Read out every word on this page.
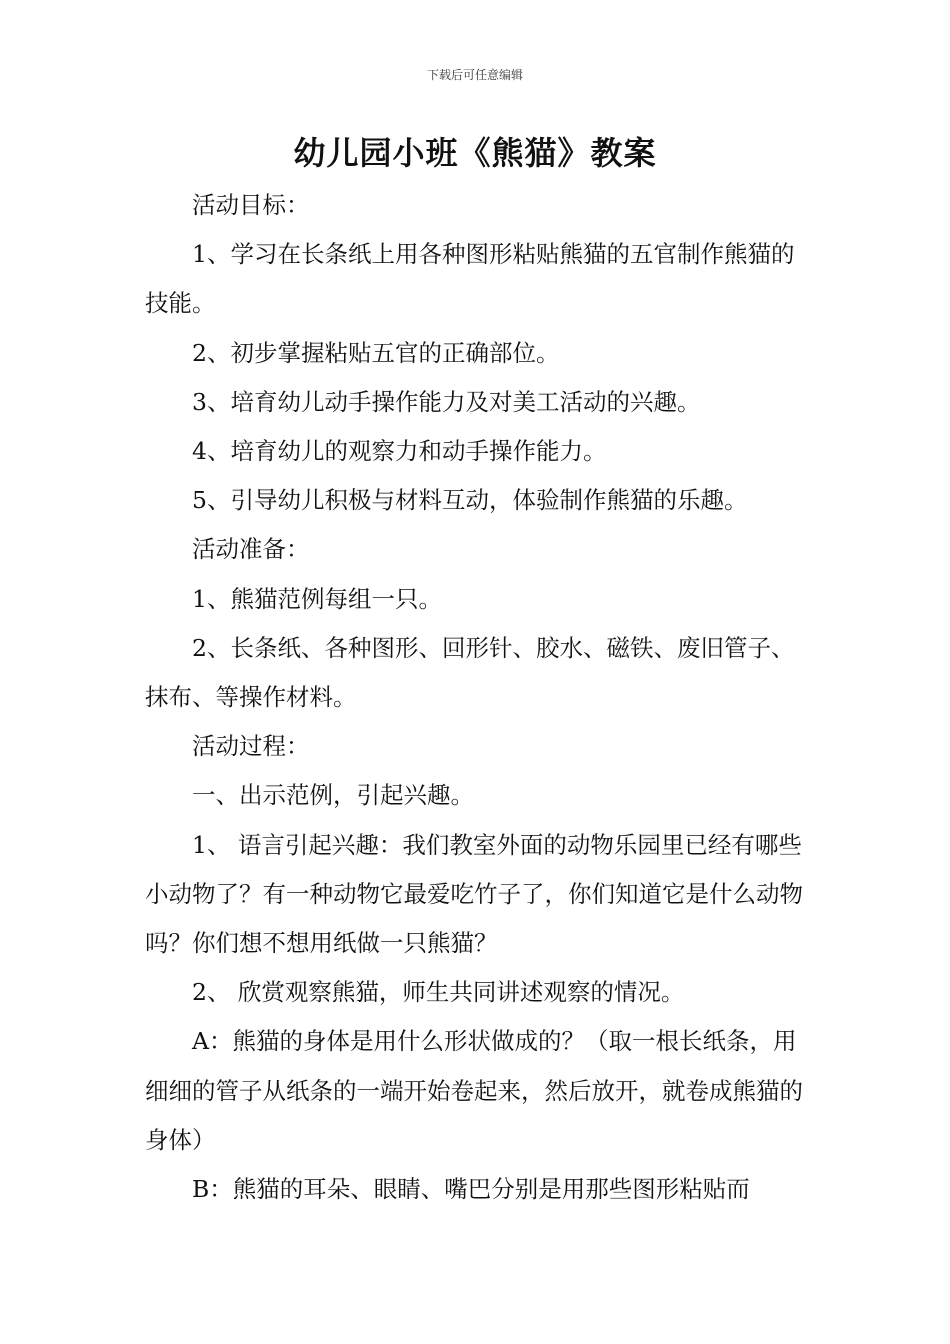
下载后可任意编辑
幼儿园小班《熊猫》教案

活动目标：

1、学习在长条纸上用各种图形粘贴熊猫的五官制作熊猫的技能。

2、初步掌握粘贴五官的正确部位。

3、培育幼儿动手操作能力及对美工活动的兴趣。

4、培育幼儿的观察力和动手操作能力。

5、引导幼儿积极与材料互动，体验制作熊猫的乐趣。

活动准备：

1、熊猫范例每组一只。

2、长条纸、各种图形、回形针、胶水、磁铁、废旧管子、抹布、等操作材料。

活动过程：

一、出示范例，引起兴趣。

1、 语言引起兴趣：我们教室外面的动物乐园里已经有哪些小动物了？有一种动物它最爱吃竹子了，你们知道它是什么动物吗？你们想不想用纸做一只熊猫？

2、 欣赏观察熊猫，师生共同讲述观察的情况。

A：熊猫的身体是用什么形状做成的？（取一根长纸条，用细细的管子从纸条的一端开始卷起来，然后放开，就卷成熊猫的身体）

B：熊猫的耳朵、眼睛、嘴巴分别是用那些图形粘贴而
